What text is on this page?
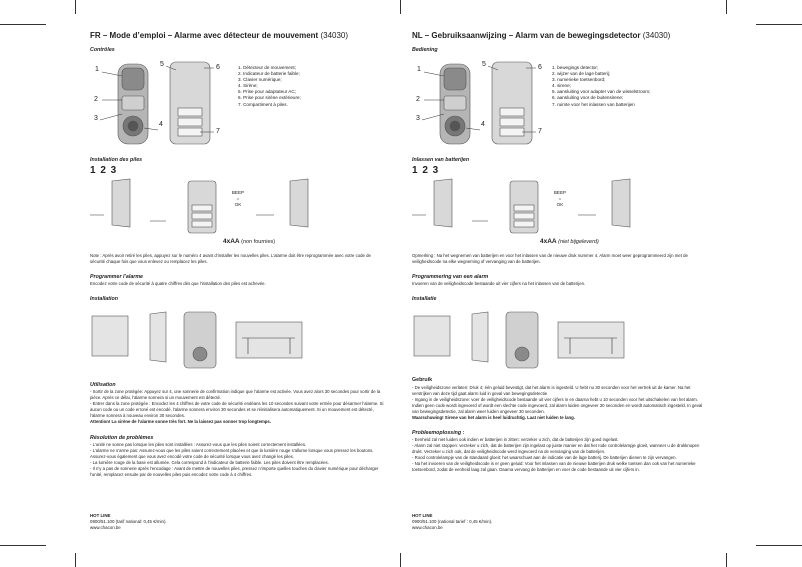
FR – Mode d’emploi – Alarme avec détecteur de mouvement (34030)
Contrôles
1
2
3
4
5	6
7
1. Détecteur de mouvement;
2. Indicateur de batterie faible;
3. Clavier numérique;
4. Sirène;
5. Prise pour adaptateur AC;
6. Prise pour sirène extérieure;
7. Compartiment à piles.
Installation des piles
1 2 3
BEEP
=
OK
4xAA (non fournies)
Note : Après avoir retiré les piles, appuyez sur le numéro 4 avant d’installer les nouvelles piles. L’alarme doit être reprogrammée avec votre code de sécurité chaque fois que vous enlevez ou remplacez les piles.
Programmer l’alarme
Encodez votre code de sécurité à quatre chiffres dès que l’installation des piles est achevée.
Installation
Utilisation
- Sortir de la zone protégée: Appuyez sur 4, une sonnerie de confirmation indique que l’alarme est activée. Vous avez alors 30 secondes pour sortir de la pièce. Après ce délai, l’alarme sonnera si un mouvement est détecté.
- Entrer dans la zone protégée : Encodez les 4 chiffres de votre code de sécurité endéans les 10 secondes suivant votre entrée pour désarmer l’alarme. Si aucun code ou un code erroné est encodé, l’alarme sonnera environ 30 secondes et se réinitialisera automatiquement. Si un mouvement est détecté, l’alarme sonnera à nouveau environ 30 secondes.
Attention! La sirène de l’alarme sonne très fort. Ne la laissez pas sonner trop longtemps.
Résolution de problèmes
- L’unité ne sonne pas lorsque les piles sont installées : Assurez-vous que les piles soient correctement installées.
- L’alarme ne s’arme pas: Assurez-vous que les piles soient correctement placées et que la lumière rouge s’allume lorsque vous pressez les boutons. Assurez-vous également que vous avez encodé votre code de sécurité lorsque vous avez changé les piles.
- La lumière rouge de la base est allumée. Cela correspond à l’indicateur de batterie faible. Les piles doivent être remplacées.
- Il n’y a pas de sonnerie après l’encodage : Avant de mettre de nouvelles piles, pressez n’importe quelles touches du clavier numérique pour décharger l’unité, remplacez ensuite par de nouvelles piles puis encodez votre code à 4 chiffres.
HOT LINE
0900/51.100 (tarif national: 0,45 €/min).
www.chacon.be
NL – Gebruiksaanwijzing – Alarm van de bewegingsdetector (34030)
Bediening
1
2
3
4
5	6
7
1. bewegings detector;
2. wijzer van de lage batterij;
3. numerieke toetsenbord;
4. sirene;
5. aansluiting voor adapter van de wisselstroom;
6. aansluiting voor de buitensirene;
7. ruimte voor het inlassen van batterijen
Inlassen van batterijen
1 2 3
BEEP
=
OK
4xAA (niet bijgeleverd)
Opmerking : Na het wegnemen van batterijen en voor het inlassen van de nieuwe druk nummer 4. Alarm moet weer geprogrammeerd zijn met de veiligheidscode na elke wegneming of vervanging van de batterijen.
Programmering van een alarm
Invoeren van de veiligheidscode bestaande uit vier cijfers na het inlassen van de batterijen.
Installatie
Gebruik
- De veiligheidszone verlaten: Druk 4; één geluid bevestigt, dat het alarm is ingesteld. U hebt nu 30 seconden voor het vertrek uit de kamer. Na het verstrijken van deze tijd gaat alarm luid in geval van bewegingsdetectie
- Ingang in de veiligheidszone: voer de veiligheidscode bestaande uit vier cijfers in en daarna hebt u 10 seconden voor het uitschakelen van het alarm. Indien geen code wordt ingevoerd of wordt een slechte code ingevoerd, zal alarm luiden ongeveer 30 seconden en wordt automatisch ingesteld. In geval van bewegingsdetectie, zal alarm weer luiden ongeveer 30 seconden.
Waarschuwing! Sirene van het alarm is heel luidruchtig. Laat niet luiden te lang.
Probleemoplossing :
- Eenheid zal niet luiden ook indien er batterijen in zitten: verzeker u zich, dat de batterijen zijn goed ingelast.
- Alarm zal niet stoppen: verzeker u zich, dat de batterijen zijn ingelast op juiste manier en dat het rode controlelampje gloeit, wanneer u de drukknopen drukt. Verzeker u zich ook, dat de veiligheidscode werd ingevoerd na de vervanging van de batterijen.
- Rood controlelampje van de standaard gloeit: het waarschuwt aan de indicatie van de lage batterij. De batterijen dienen te zijn vervangen.
- Na het invoeren van de veiligheidscode is er geen geluid: Voor het inlassen van de nieuwe batterijen druk welke toetsen dan ook van het numerieke toetsenbord, zodat de eenheid laag zal gaan. Daarna vervang de batterijen en voer de code bestaande uit vier cijfers in.
HOT LINE
0900/51.100 (national tarief : 0,45 €/min).
www.chacon.be
